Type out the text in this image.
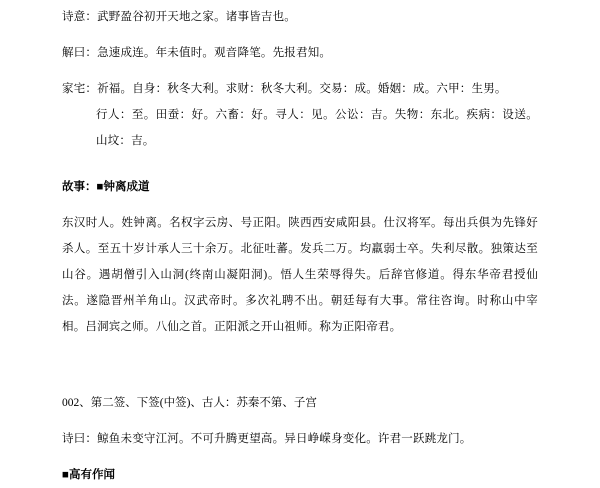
诗意：武野盈谷初开天地之家。诸事皆吉也。
解曰：急速成连。年未值时。观音降笔。先报君知。
家宅：祈福。自身：秋冬大利。求财：秋冬大利。交易：成。婚姻：成。六甲：生男。
行人：至。田蚕：好。六畜：好。寻人：见。公讼：吉。失物：东北。疾病：设送。山坟：吉。
故事：■钟离成道
东汉时人。姓钟离。名权字云房、号正阳。陕西西安咸阳县。仕汉将军。每出兵俱为先锋好杀人。至五十岁计承人三十余万。北征吐蕃。发兵二万。均羸弱士卒。失利尽散。独策达至山谷。遇胡僧引入山洞(终南山凝阳洞)。悟人生荣辱得失。后辞官修道。得东华帝君授仙法。遂隐晋州羊角山。汉武帝时。多次礼聘不出。朝廷每有大事。常往咨询。时称山中宰相。吕洞宾之师。八仙之首。正阳派之开山祖师。称为正阳帝君。
002、第二签、下签(中签)、古人：苏秦不第、子宫
诗曰：鲸鱼未变守江河。不可升腾更望高。异日峥嵘身变化。许君一跃跳龙门。
■高有作闻
